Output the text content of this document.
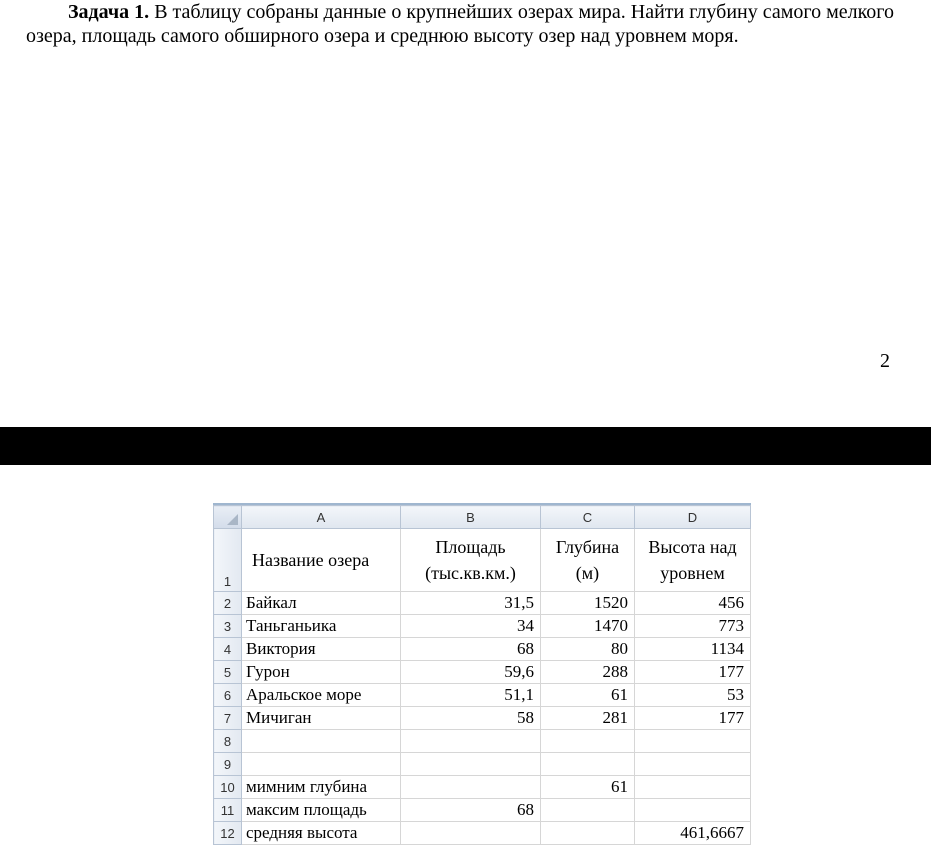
Задача 1. В таблицу собраны данные о крупнейших озерах мира. Найти глубину самого мелкого озера, площадь самого обширного озера и среднюю высоту озер над уровнем моря.
2
	A	B	C	D
1	Название озера	Площадь (тыс.кв.км.)	Глубина (м)	Высота над уровнем
2	Байкал	31,5	1520	456
3	Таньганьика	34	1470	773
4	Виктория	68	80	1134
5	Гурон	59,6	288	177
6	Аральское море	51,1	61	53
7	Мичиган	58	281	177
8				
9				
10	мимним глубина		61	
11	максим площадь	68		
12	средняя высота			461,6667
